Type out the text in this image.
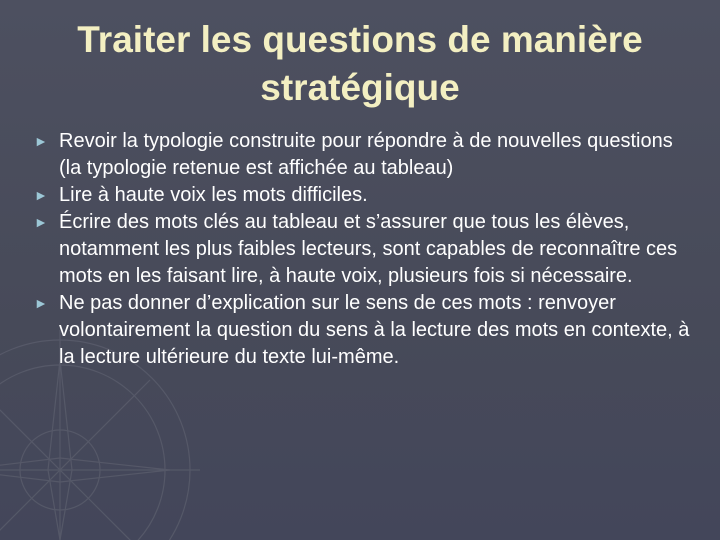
Traiter les questions de manière stratégique
► Revoir la typologie construite pour répondre à de nouvelles questions (la typologie retenue est affichée au tableau)
► Lire à haute voix les mots difficiles.
► Écrire des mots clés au tableau et s’assurer que tous les élèves, notamment les plus faibles lecteurs, sont capables de reconnaître ces mots en les faisant lire, à haute voix, plusieurs fois si nécessaire.
► Ne pas donner d’explication sur le sens de ces mots : renvoyer volontairement la question du sens à la lecture des mots en contexte, à la lecture ultérieure du texte lui-même.
